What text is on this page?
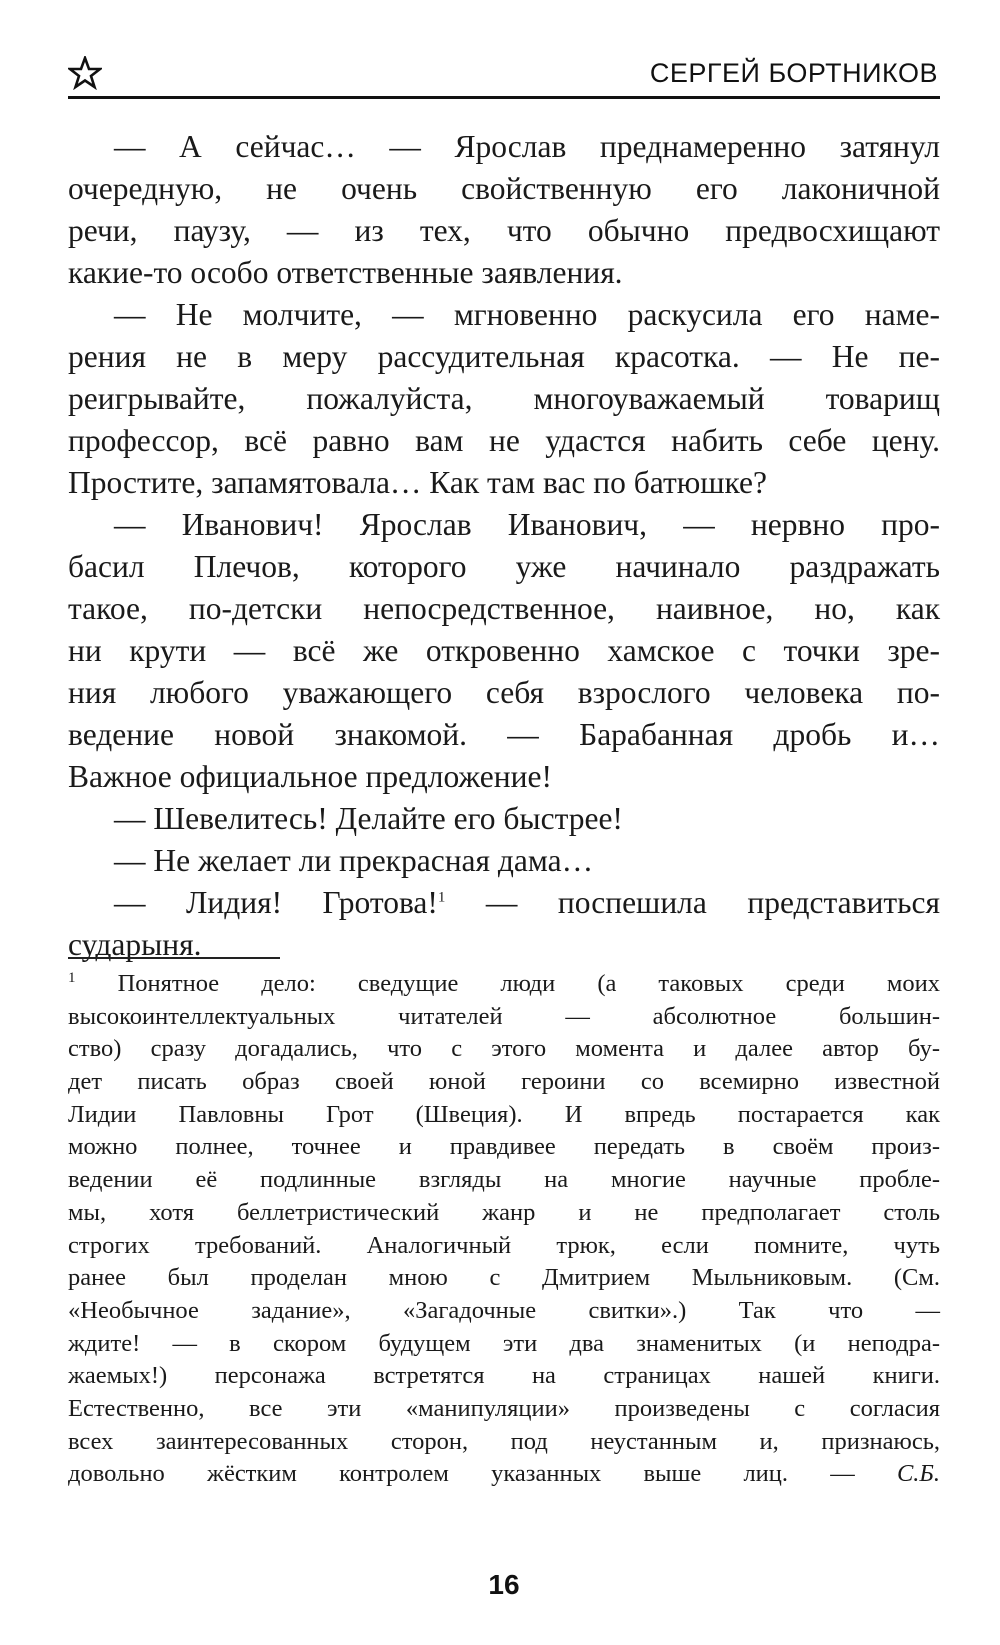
СЕРГЕЙ БОРТНИКОВ
— А сейчас… — Ярослав преднамеренно затянул
очередную, не очень свойственную его лаконичной
речи, паузу, — из тех, что обычно предвосхищают
какие-то особо ответственные заявления.
— Не молчите, — мгновенно раскусила его наме-
рения не в меру рассудительная красотка. — Не пе-
реигрывайте, пожалуйста, многоуважаемый товарищ
профессор, всё равно вам не удастся набить себе цену.
Простите, запамятовала… Как там вас по батюшке?
— Иванович! Ярослав Иванович, — нервно про-
басил Плечов, которого уже начинало раздражать
такое, по-детски непосредственное, наивное, но, как
ни крути — всё же откровенно хамское с точки зре-
ния любого уважающего себя взрослого человека по-
ведение новой знакомой. — Барабанная дробь и…
Важное официальное предложение!
— Шевелитесь! Делайте его быстрее!
— Не желает ли прекрасная дама…
— Лидия! Гротова!$^1$ — поспешила представиться
сударыня.
$^1$ Понятное дело: сведущие люди (а таковых среди моих
высокоинтеллектуальных читателей — абсолютное большин-
ство) сразу догадались, что с этого момента и далее автор бу-
дет писать образ своей юной героини со всемирно известной
Лидии Павловны Грот (Швеция). И впредь постарается как
можно полнее, точнее и правдивее передать в своём произ-
ведении её подлинные взгляды на многие научные пробле-
мы, хотя беллетристический жанр и не предполагает столь
строгих требований. Аналогичный трюк, если помните, чуть
ранее был проделан мною с Дмитрием Мыльниковым. (См.
«Необычное задание», «Загадочные свитки».) Так что —
ждите! — в скором будущем эти два знаменитых (и неподра-
жаемых!) персонажа встретятся на страницах нашей книги.
Естественно, все эти «манипуляции» произведены с согласия
всех заинтересованных сторон, под неустанным и, признаюсь,
довольно жёстким контролем указанных выше лиц. — С.Б.
16
